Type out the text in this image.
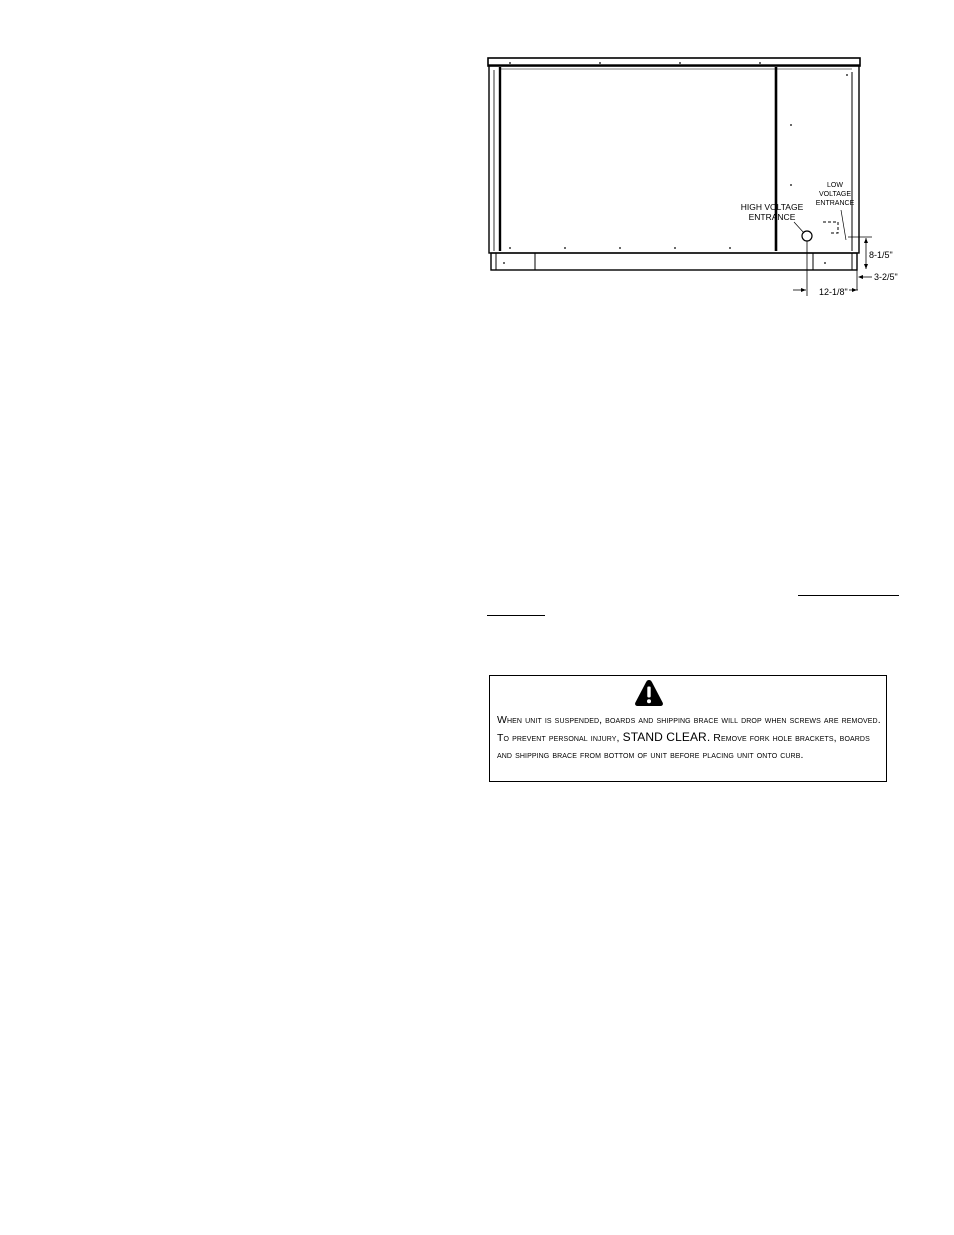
HIGH VOLTAGE
ENTRANCE
LOW
VOLTAGE
ENTRANCE
8-1/5"
3-2/5"
12-1/8"

When unit is suspended, boards and shipping brace will drop when screws are removed. To prevent personal injury, STAND CLEAR. Remove fork hole brackets, boards and shipping brace from bottom of unit before placing unit onto curb.
